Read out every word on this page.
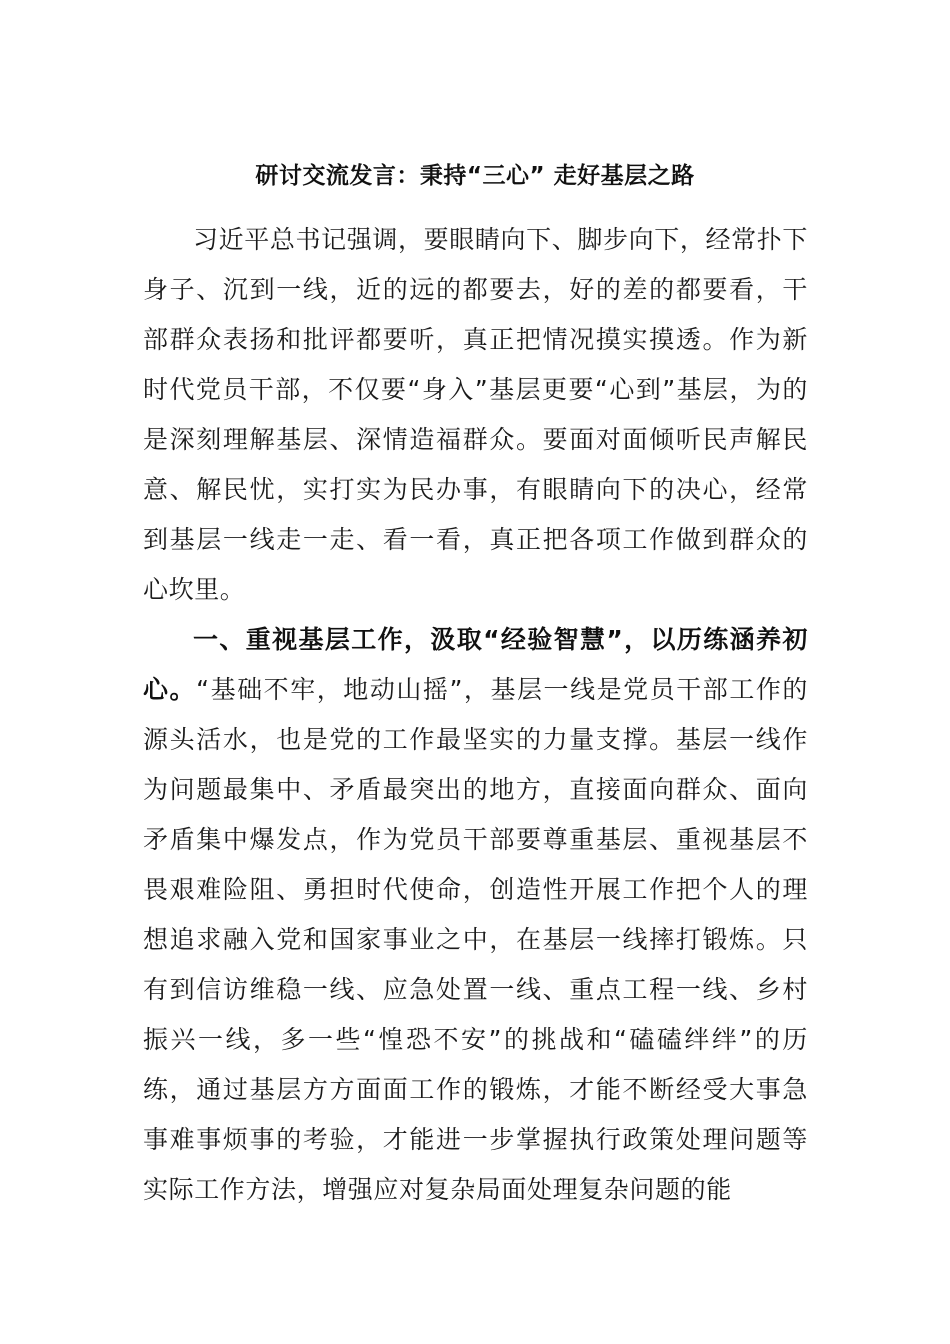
研讨交流发言：秉持“三心” 走好基层之路

习近平总书记强调，要眼睛向下、脚步向下，经常扑下身子、沉到一线，近的远的都要去，好的差的都要看，干部群众表扬和批评都要听，真正把情况摸实摸透。作为新时代党员干部，不仅要“身入”基层更要“心到”基层，为的是深刻理解基层、深情造福群众。要面对面倾听民声解民意、解民忧，实打实为民办事，有眼睛向下的决心，经常到基层一线走一走、看一看，真正把各项工作做到群众的心坎里。

一、重视基层工作，汲取“经验智慧”，以历练涵养初心。“基础不牢，地动山摇”，基层一线是党员干部工作的源头活水，也是党的工作最坚实的力量支撑。基层一线作为问题最集中、矛盾最突出的地方，直接面向群众、面向矛盾集中爆发点，作为党员干部要尊重基层、重视基层不畏艰难险阻、勇担时代使命，创造性开展工作把个人的理想追求融入党和国家事业之中，在基层一线摔打锻炼。只有到信访维稳一线、应急处置一线、重点工程一线、乡村振兴一线，多一些“惶恐不安”的挑战和“磕磕绊绊”的历练，通过基层方方面面工作的锻炼，才能不断经受大事急事难事烦事的考验，才能进一步掌握执行政策处理问题等实际工作方法，增强应对复杂局面处理复杂问题的能
